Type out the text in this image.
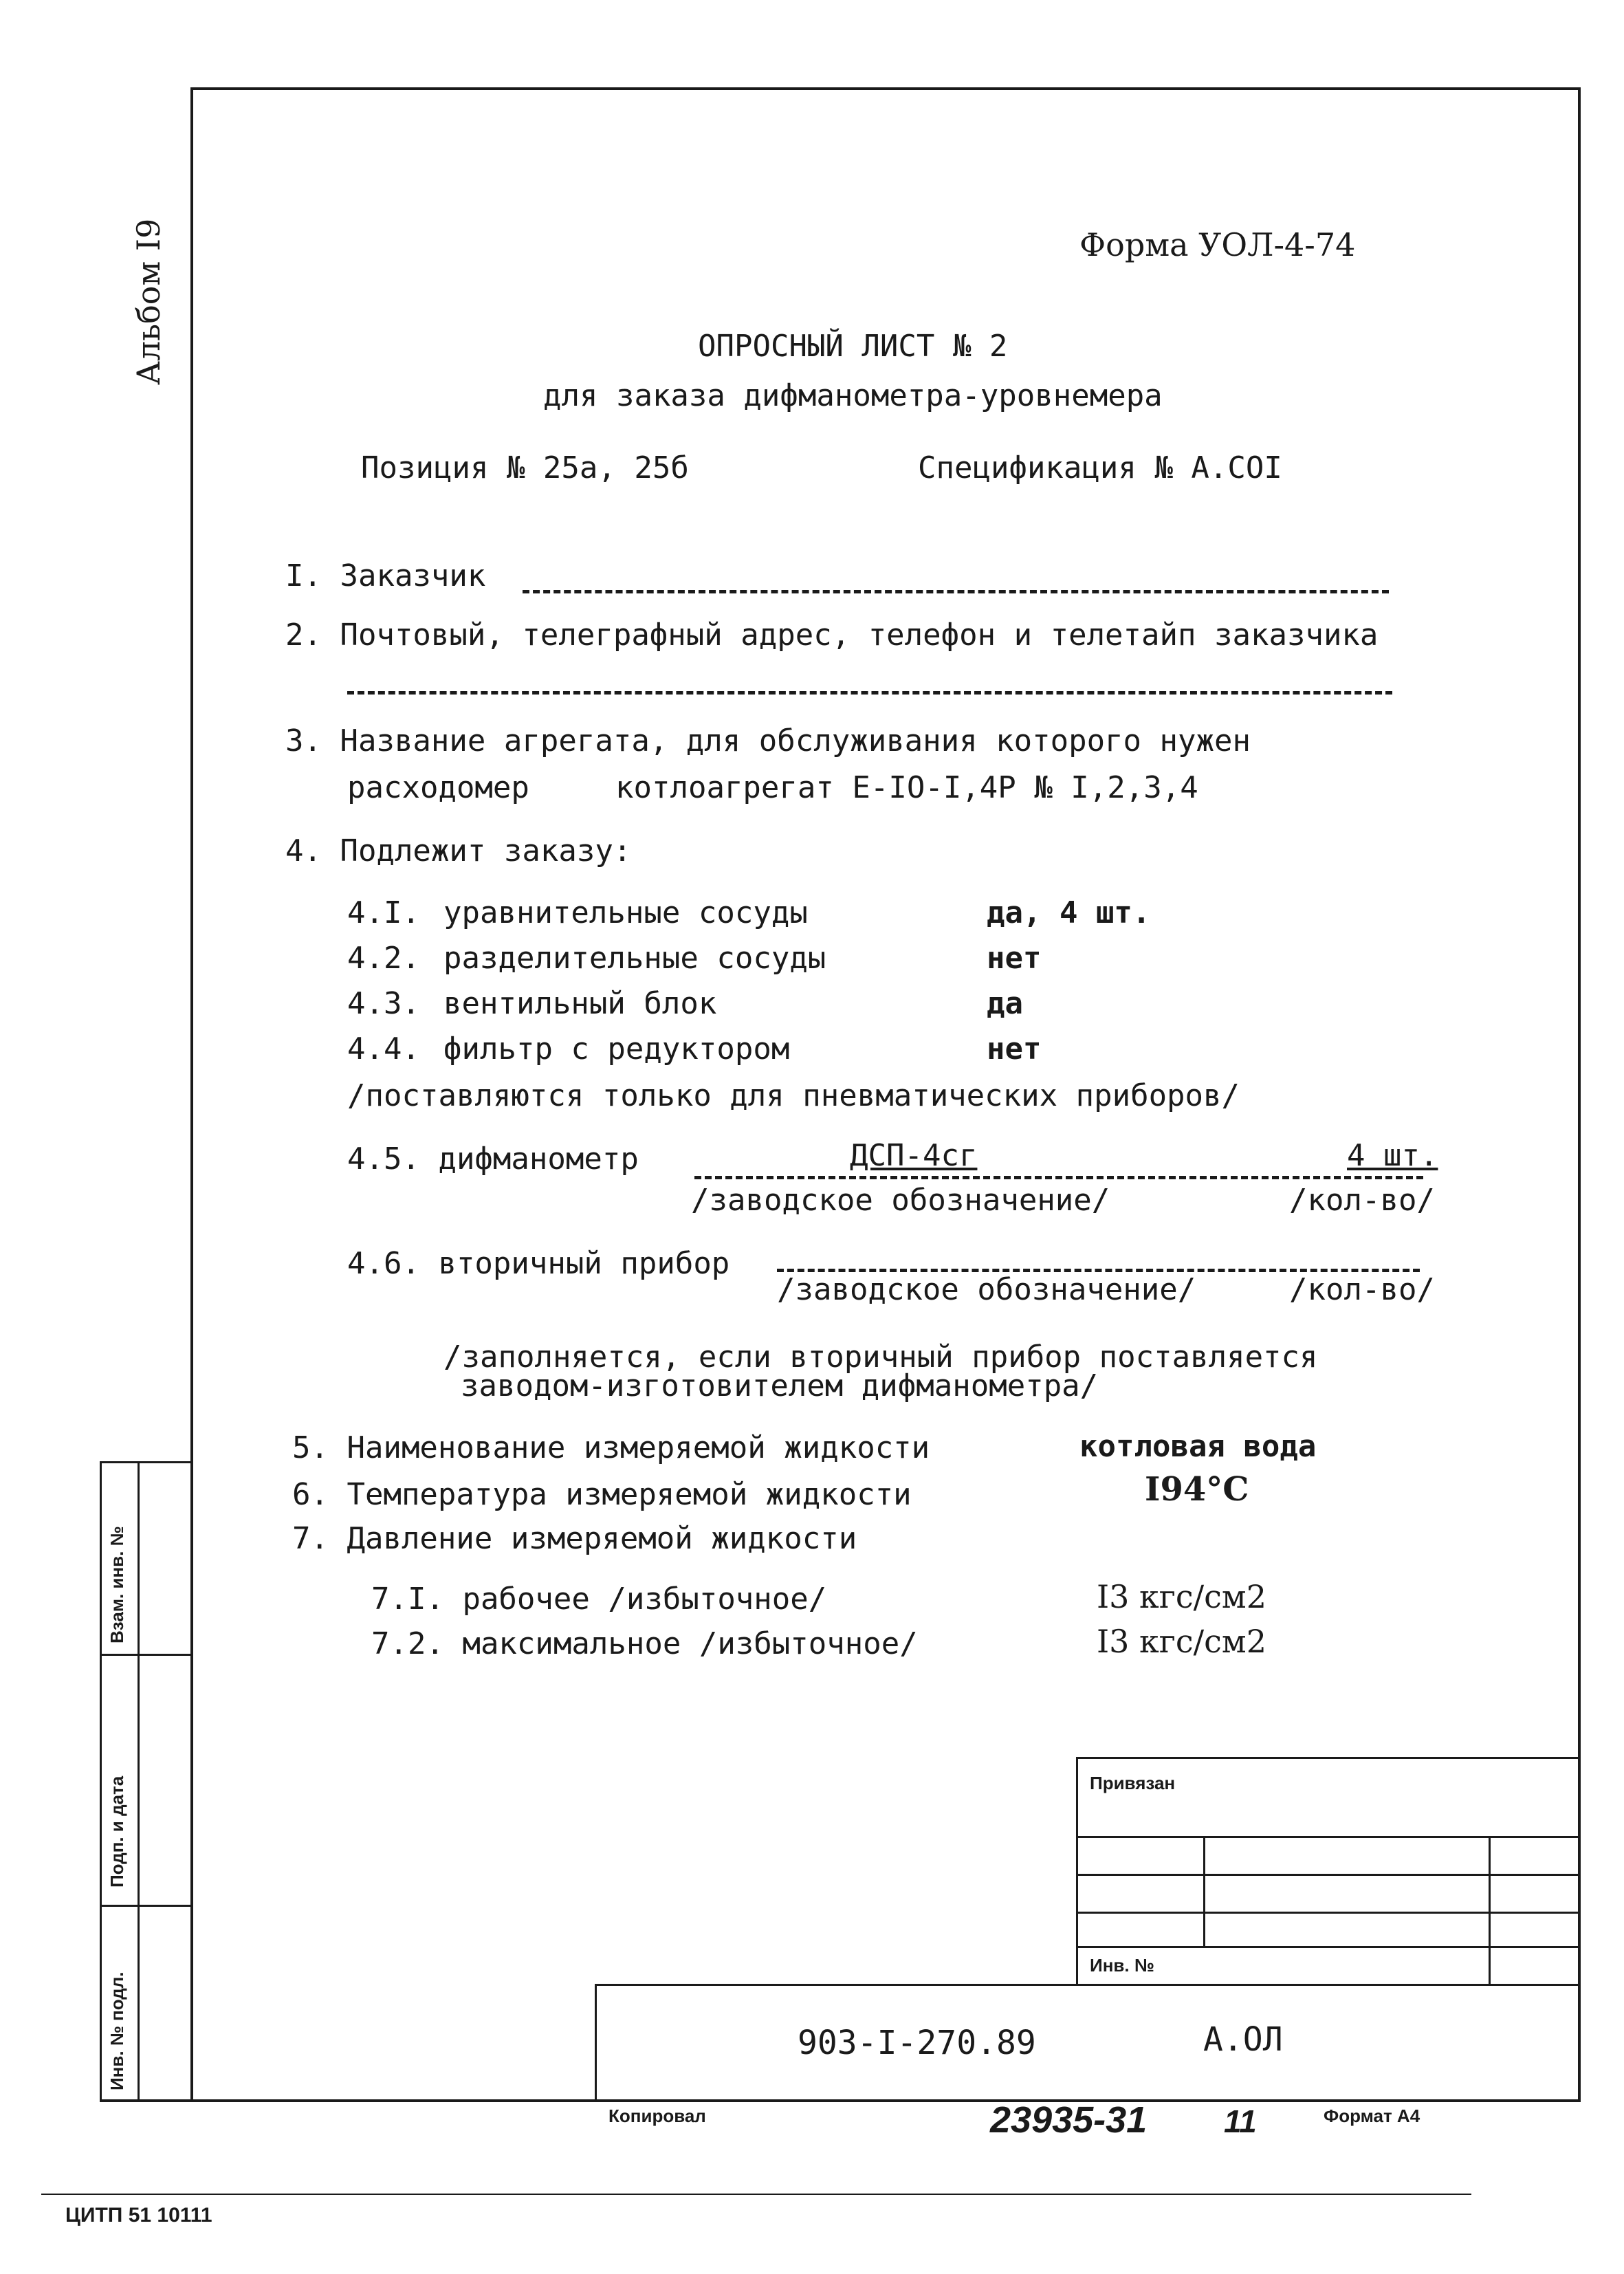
Альбом I9
Взам. инв. №
Подп. и дата
Инв. № подл.
Форма УОЛ-4-74
ОПРОСНЫЙ ЛИСТ № 2
для заказа дифманометра-уровнемера
Позиция № 25а, 25б	Спецификация № А.СОI
I. Заказчик
2. Почтовый, телеграфный адрес, телефон и телетайп заказчика
3. Название агрегата, для обслуживания которого нужен
расходомер	котлоагрегат Е-IO-I,4Р № I,2,3,4
4. Подлежит заказу:
4.I. уравнительные сосуды	да, 4 шт.
4.2. разделительные сосуды	нет
4.3. вентильный блок	да
4.4. фильтр с редуктором	нет
/поставляются только для пневматических приборов/
4.5. дифманометр	ДСП-4сг	4 шт.
/заводское обозначение/	/кол-во/
4.6. вторичный прибор
/заводское обозначение/	/кол-во/
/заполняется, если вторичный прибор поставляется
заводом-изготовителем дифманометра/
5. Наименование измеряемой жидкости	котловая вода
6. Температура измеряемой жидкости	I94°С
7. Давление измеряемой жидкости
7.I. рабочее /избыточное/	I3 кгс/см2
7.2. максимальное /избыточное/	I3 кгс/см2
Привязан
Инв. №
903-I-270.89	А.ОЛ
Копировал	23935-31 11	Формат А4
ЦИТП 51 10111
